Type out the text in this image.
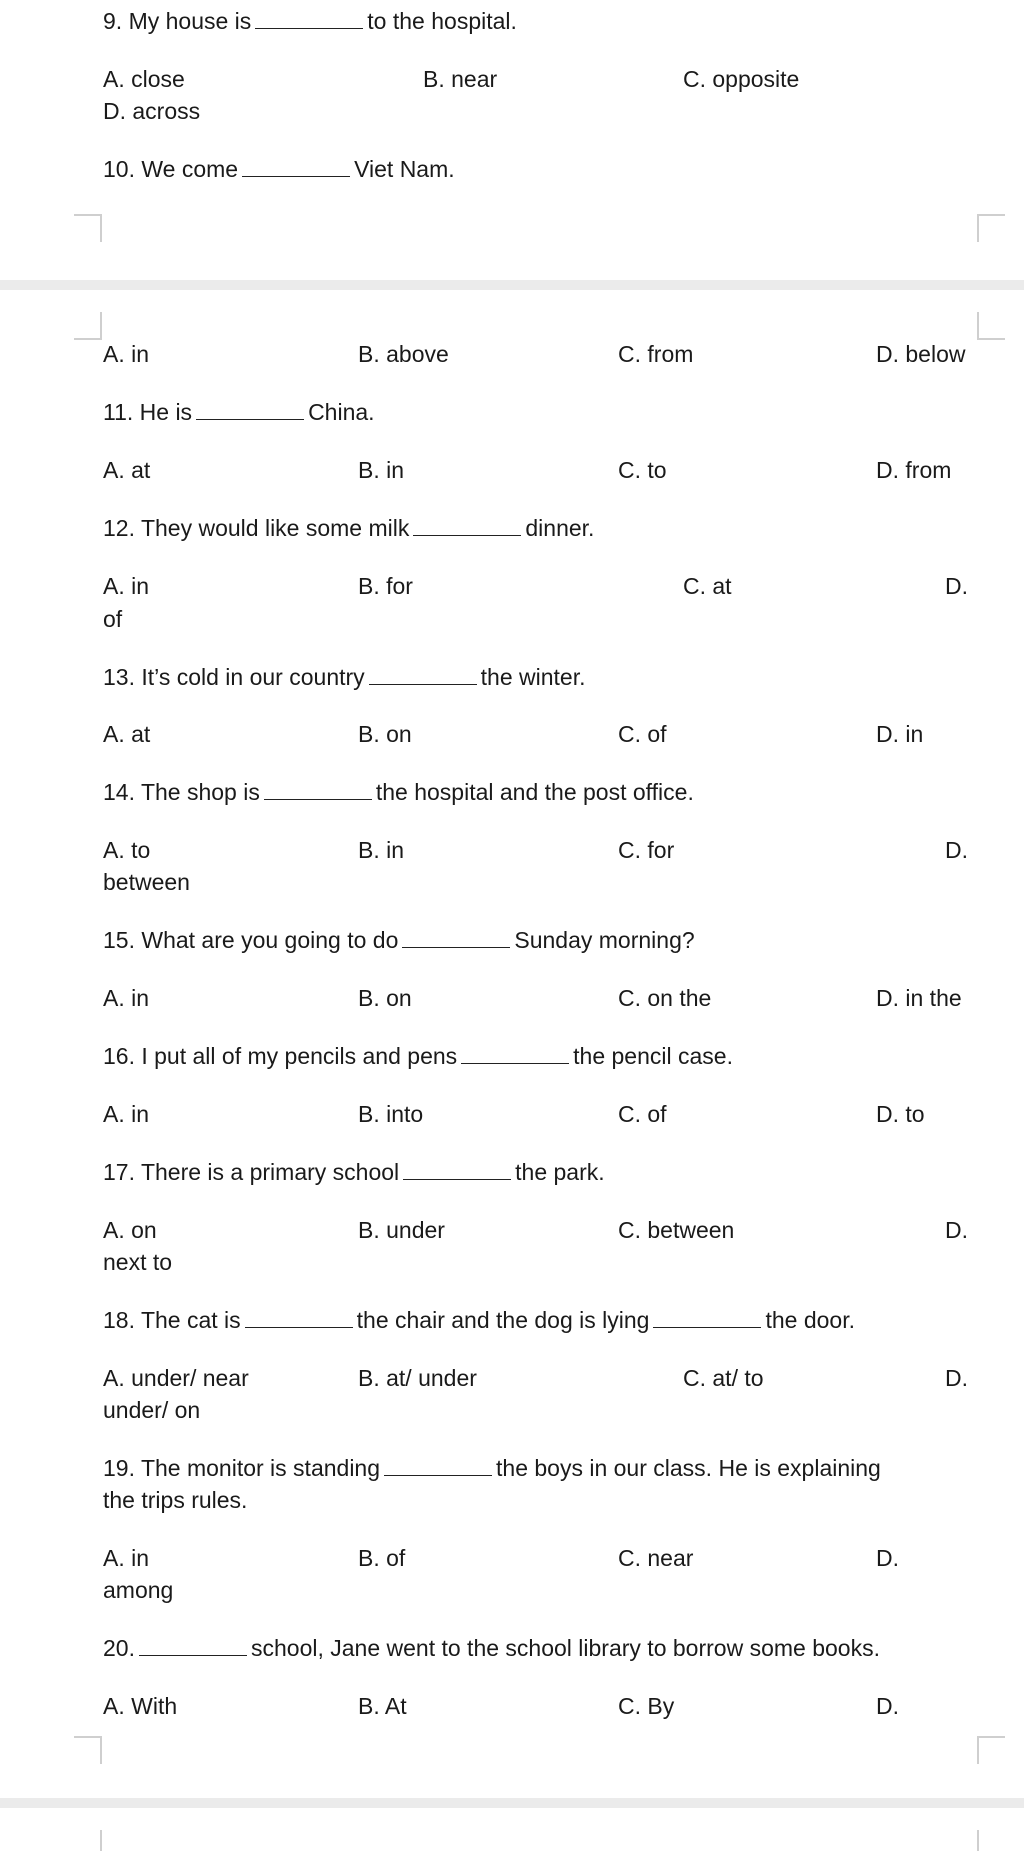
9. My house is	to the hospital.
A. close	B. near	C. opposite
D. across
10. We come	Viet Nam.
A. in	B. above	C. from	D. below
11. He is	China.
A. at	B. in	C. to	D. from
12. They would like some milk	dinner.
A. in	B. for	C. at	D.
of
13. It’s cold in our country	the winter.
A. at	B. on	C. of	D. in
14. The shop is	the hospital and the post office.
A. to	B. in	C. for	D.
between
15. What are you going to do	Sunday morning?
A. in	B. on	C. on the	D. in the
16. I put all of my pencils and pens	the pencil case.
A. in	B. into	C. of	D. to
17. There is a primary school	the park.
A. on	B. under	C. between	D.
next to
18. The cat is	the chair and the dog is lying	the door.
A. under/ near	B. at/ under	C. at/ to	D.
under/ on
19. The monitor is standing	the boys in our class. He is explaining
the trips rules.
A. in	B. of	C. near	D.
among
20.	school, Jane went to the school library to borrow some books.
A. With	B. At	C. By	D.
